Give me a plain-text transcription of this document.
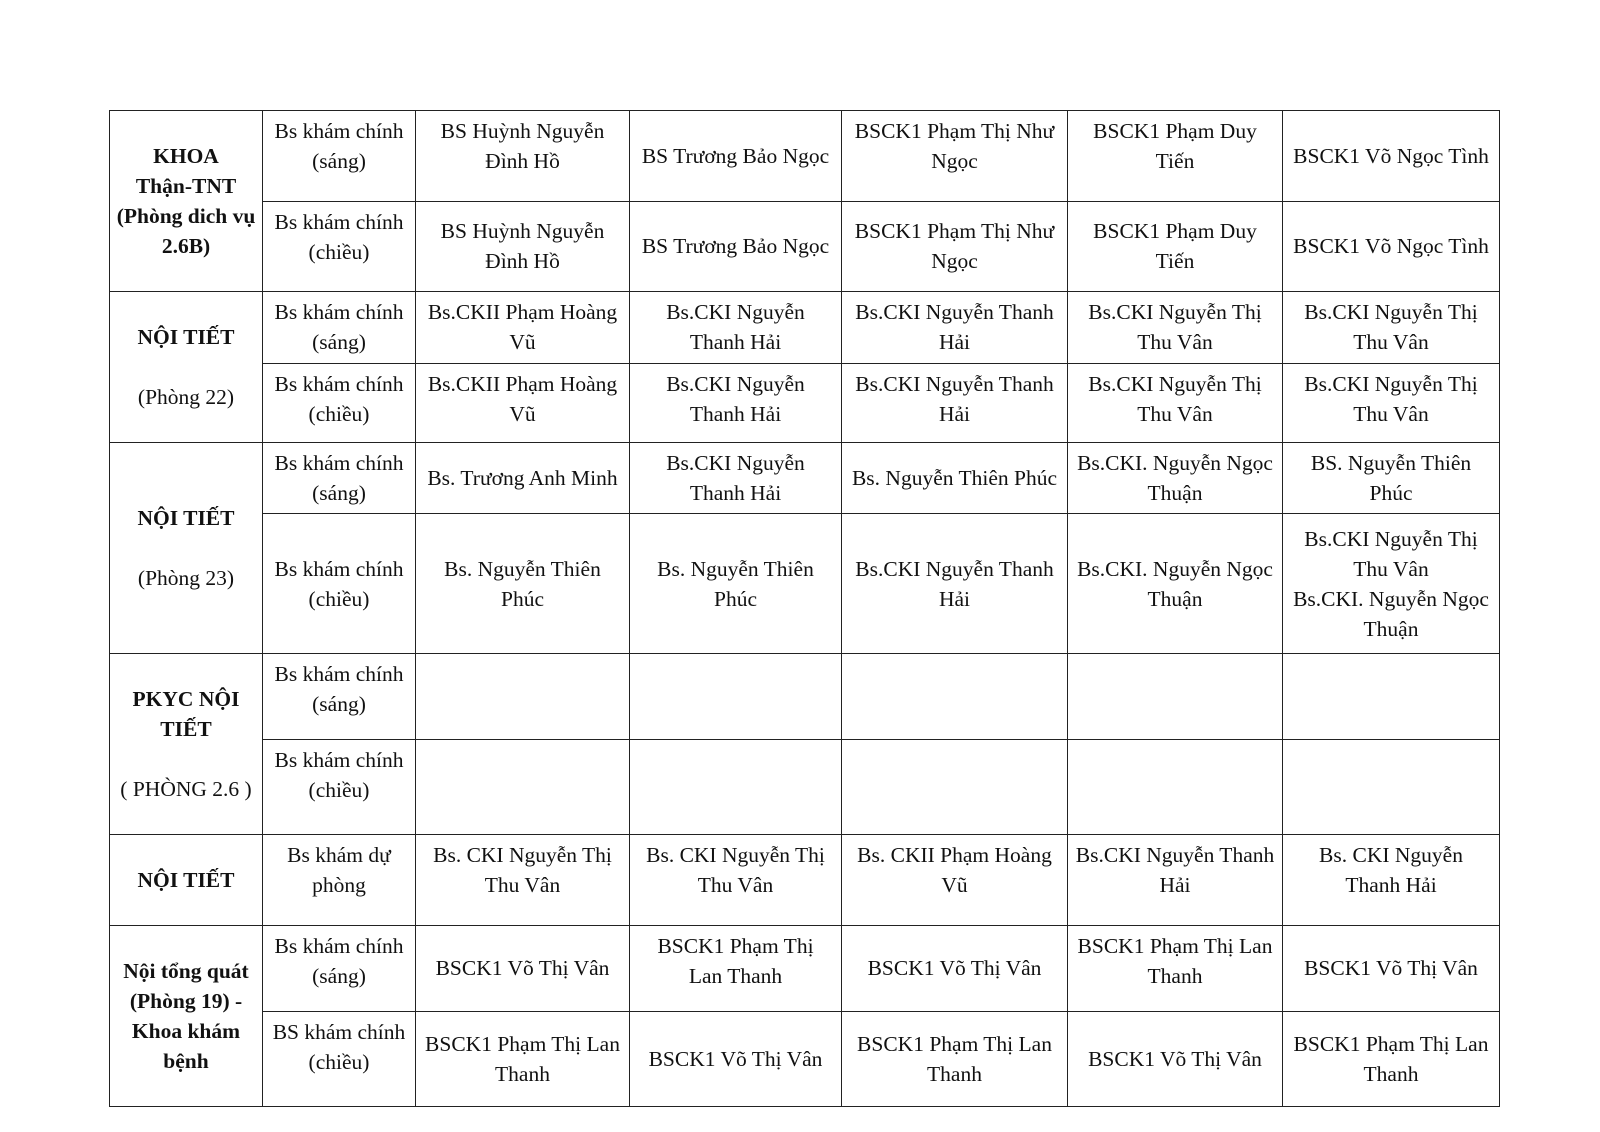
KHOA
Thận-TNT
(Phòng dich vụ
2.6B)	Bs khám chính
(sáng)	BS Huỳnh Nguyễn
Đình Hồ	BS Trương Bảo Ngọc	BSCK1 Phạm Thị Như
Ngọc	BSCK1 Phạm Duy
Tiến	BSCK1 Võ Ngọc Tình
	Bs khám chính
(chiều)	BS Huỳnh Nguyễn
Đình Hồ	BS Trương Bảo Ngọc	BSCK1 Phạm Thị Như
Ngọc	BSCK1 Phạm Duy
Tiến	BSCK1 Võ Ngọc Tình

NỘI TIẾT

(Phòng 22)	Bs khám chính
(sáng)	Bs.CKII Phạm Hoàng
Vũ	Bs.CKI Nguyễn
Thanh Hải	Bs.CKI Nguyễn Thanh
Hải	Bs.CKI Nguyễn Thị
Thu Vân	Bs.CKI Nguyễn Thị
Thu Vân
	Bs khám chính
(chiều)	Bs.CKII Phạm Hoàng
Vũ	Bs.CKI Nguyễn
Thanh Hải	Bs.CKI Nguyễn Thanh
Hải	Bs.CKI Nguyễn Thị
Thu Vân	Bs.CKI Nguyễn Thị
Thu Vân

NỘI TIẾT

(Phòng 23)	Bs khám chính
(sáng)	Bs. Trương Anh Minh	Bs.CKI Nguyễn
Thanh Hải	Bs. Nguyễn Thiên Phúc	Bs.CKI. Nguyễn Ngọc
Thuận	BS. Nguyễn Thiên
Phúc
	Bs khám chính
(chiều)	Bs. Nguyễn Thiên
Phúc	Bs. Nguyễn Thiên
Phúc	Bs.CKI Nguyễn Thanh
Hải	Bs.CKI. Nguyễn Ngọc
Thuận	Bs.CKI Nguyễn Thị
Thu Vân
Bs.CKI. Nguyễn Ngọc
Thuận

PKYC NỘI
TIẾT

( PHÒNG 2.6 )	Bs khám chính
(sáng)					
	Bs khám chính
(chiều)					

NỘI TIẾT	Bs khám dự
phòng	Bs. CKI Nguyễn Thị
Thu Vân	Bs. CKI Nguyễn Thị
Thu Vân	Bs. CKII Phạm Hoàng
Vũ	Bs.CKI Nguyễn Thanh
Hải	Bs. CKI Nguyễn
Thanh Hải

Nội tổng quát
(Phòng 19) -
Khoa khám
bệnh	Bs khám chính
(sáng)	BSCK1 Võ Thị Vân	BSCK1 Phạm Thị
Lan Thanh	BSCK1 Võ Thị Vân	BSCK1 Phạm Thị Lan
Thanh	BSCK1 Võ Thị Vân
	BS khám chính
(chiều)	BSCK1 Phạm Thị Lan
Thanh	BSCK1 Võ Thị Vân	BSCK1 Phạm Thị Lan
Thanh	BSCK1 Võ Thị Vân	BSCK1 Phạm Thị Lan
Thanh
